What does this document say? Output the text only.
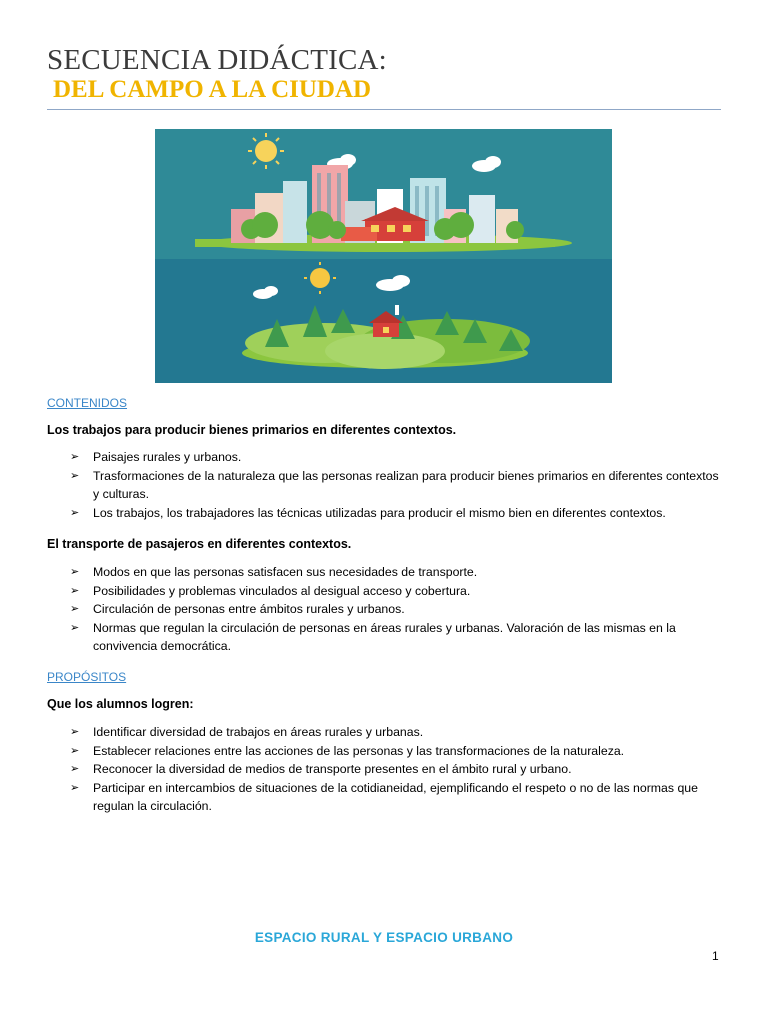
SECUENCIA DIDÁCTICA:
DEL CAMPO A LA CIUDAD
CONTENIDOS
Los trabajos para producir bienes primarios en diferentes contextos.
➢ Paisajes rurales y urbanos.
➢ Trasformaciones de la naturaleza que las personas realizan para producir bienes primarios en diferentes contextos y culturas.
➢ Los trabajos, los trabajadores las técnicas utilizadas para producir el mismo bien en diferentes contextos.
El transporte de pasajeros en diferentes contextos.
➢ Modos en que las personas satisfacen sus necesidades de transporte.
➢ Posibilidades y problemas vinculados al desigual acceso y cobertura.
➢ Circulación de personas entre ámbitos rurales y urbanos.
➢ Normas que regulan la circulación de personas en áreas rurales y urbanas. Valoración de las mismas en la convivencia democrática.
PROPÓSITOS
Que los alumnos logren:
➢ Identificar diversidad de trabajos en áreas rurales y urbanas.
➢ Establecer relaciones entre las acciones de las personas y las transformaciones de la naturaleza.
➢ Reconocer la diversidad de medios de transporte presentes en el ámbito rural y urbano.
➢ Participar en intercambios de situaciones de la cotidianeidad, ejemplificando el respeto o no de las normas que regulan la circulación.
ESPACIO RURAL Y ESPACIO URBANO
1
